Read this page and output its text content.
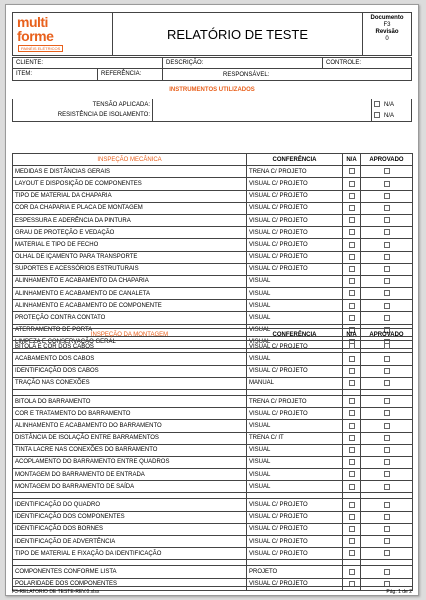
multi
forme
PAINÉIS ELÉTRICOS
RELATÓRIO DE TESTE
Documento
F3
Revisão
0
CLIENTE:	DESCRIÇÃO:	CONTROLE:

ITEM: REFERÊNCIA:	RESPONSÁVEL:	
INSTRUMENTOS UTILIZADOS
TENSÃO APLICADA:		N/A
RESISTÊNCIA DE ISOLAMENTO:		N/A
INSPEÇÃO MECÂNICA	CONFERÊNCIA	N/A	APROVADO
MEDIDAS E DISTÂNCIAS GERAIS	TRENA C/ PROJETO		
LAYOUT E DISPOSIÇÃO DE COMPONENTES	VISUAL C/ PROJETO		
TIPO DE MATERIAL DA CHAPARIA	VISUAL C/ PROJETO		
COR DA CHAPARIA E PLACA DE MONTAGEM	VISUAL C/ PROJETO		
ESPESSURA E ADERÊNCIA DA PINTURA	VISUAL C/ PROJETO		
GRAU DE PROTEÇÃO E VEDAÇÃO	VISUAL C/ PROJETO		
MATERIAL E TIPO DE FECHO	VISUAL C/ PROJETO		
OLHAL DE IÇAMENTO PARA TRANSPORTE	VISUAL C/ PROJETO		
SUPORTES E ACESSÓRIOS ESTRUTURAIS	VISUAL C/ PROJETO		
ALINHAMENTO E ACABAMENTO DA CHAPARIA	VISUAL		
ALINHAMENTO E ACABAMENTO DE CANALETA	VISUAL		
ALINHAMENTO E ACABAMENTO DE COMPONENTE	VISUAL		
PROTEÇÃO CONTRA CONTATO	VISUAL		
ATERRAMENTO DE PORTA	VISUAL		
LIMPEZA E CONSERVAÇÃO GERAL	VISUAL		
INSPEÇÃO DA MONTAGEM	CONFERÊNCIA	N/A	APROVADO
BITOLA E COR DOS CABOS	VISUAL C/ PROJETO		
ACABAMENTO DOS CABOS	VISUAL		
IDENTIFICAÇÃO DOS CABOS	VISUAL C/ PROJETO		
TRAÇÃO NAS CONEXÕES	MANUAL		

BITOLA DO BARRAMENTO	TRENA C/ PROJETO		
COR E TRATAMENTO DO BARRAMENTO	VISUAL C/ PROJETO		
ALINHAMENTO E ACABAMENTO DO BARRAMENTO	VISUAL		
DISTÂNCIA DE ISOLAÇÃO ENTRE BARRAMENTOS	TRENA C/ IT		
TINTA LACRE NAS CONEXÕES DO BARRAMENTO	VISUAL		
ACOPLAMENTO DO BARRAMENTO ENTRE QUADROS	VISUAL		
MONTAGEM DO BARRAMENTO DE ENTRADA	VISUAL		
MONTAGEM DO BARRAMENTO DE SAÍDA	VISUAL		

IDENTIFICAÇÃO DO QUADRO	VISUAL C/ PROJETO		
IDENTIFICAÇÃO DOS COMPONENTES	VISUAL C/ PROJETO		
IDENTIFICAÇÃO DOS BORNES	VISUAL C/ PROJETO		
IDENTIFICAÇÃO DE ADVERTÊNCIA	VISUAL C/ PROJETO		
TIPO DE MATERIAL E FIXAÇÃO DA IDENTIFICAÇÃO	VISUAL C/ PROJETO		

COMPONENTES CONFORME LISTA	PROJETO		
POLARIDADE DOS COMPONENTES	VISUAL C/ PROJETO		
F3-RELATORIO DE TESTE-REV.0.xlsx	Pág. 1 de 2
